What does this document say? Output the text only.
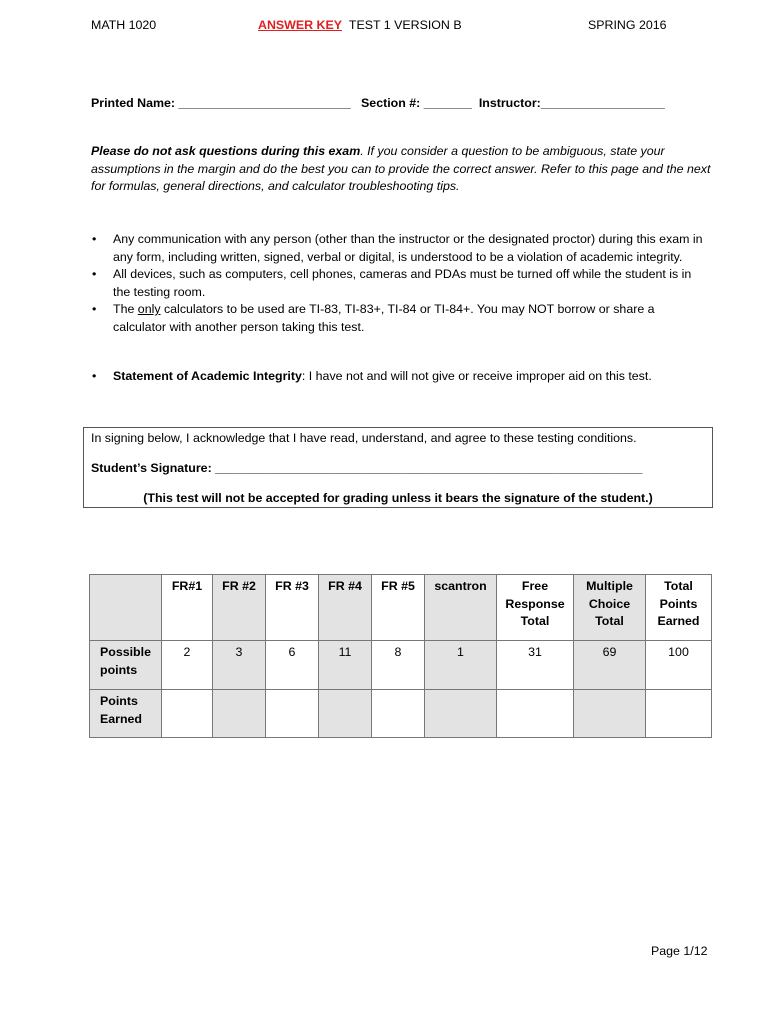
MATH 1020	ANSWER KEY TEST 1 VERSION B	SPRING 2016
Printed Name: _________________________   Section #: _______  Instructor:__________________
Please do not ask questions during this exam. If you consider a question to be ambiguous, state your assumptions in the margin and do the best you can to provide the correct answer. Refer to this page and the next for formulas, general directions, and calculator troubleshooting tips.
• Any communication with any person (other than the instructor or the designated proctor) during this exam in any form, including written, signed, verbal or digital, is understood to be a violation of academic integrity.
• All devices, such as computers, cell phones, cameras and PDAs must be turned off while the student is in the testing room.
• The only calculators to be used are TI-83, TI-83+, TI-84 or TI-84+. You may NOT borrow or share a calculator with another person taking this test.
• Statement of Academic Integrity: I have not and will not give or receive improper aid on this test.
In signing below, I acknowledge that I have read, understand, and agree to these testing conditions.
Student’s Signature: ______________________________________________________________
(This test will not be accepted for grading unless it bears the signature of the student.)
	FR#1	FR #2	FR #3	FR #4	FR #5	scantron	Free Response Total	Multiple Choice Total	Total Points Earned
Possible points	2	3	6	11	8	1	31	69	100
Points Earned									
Page 1/12
